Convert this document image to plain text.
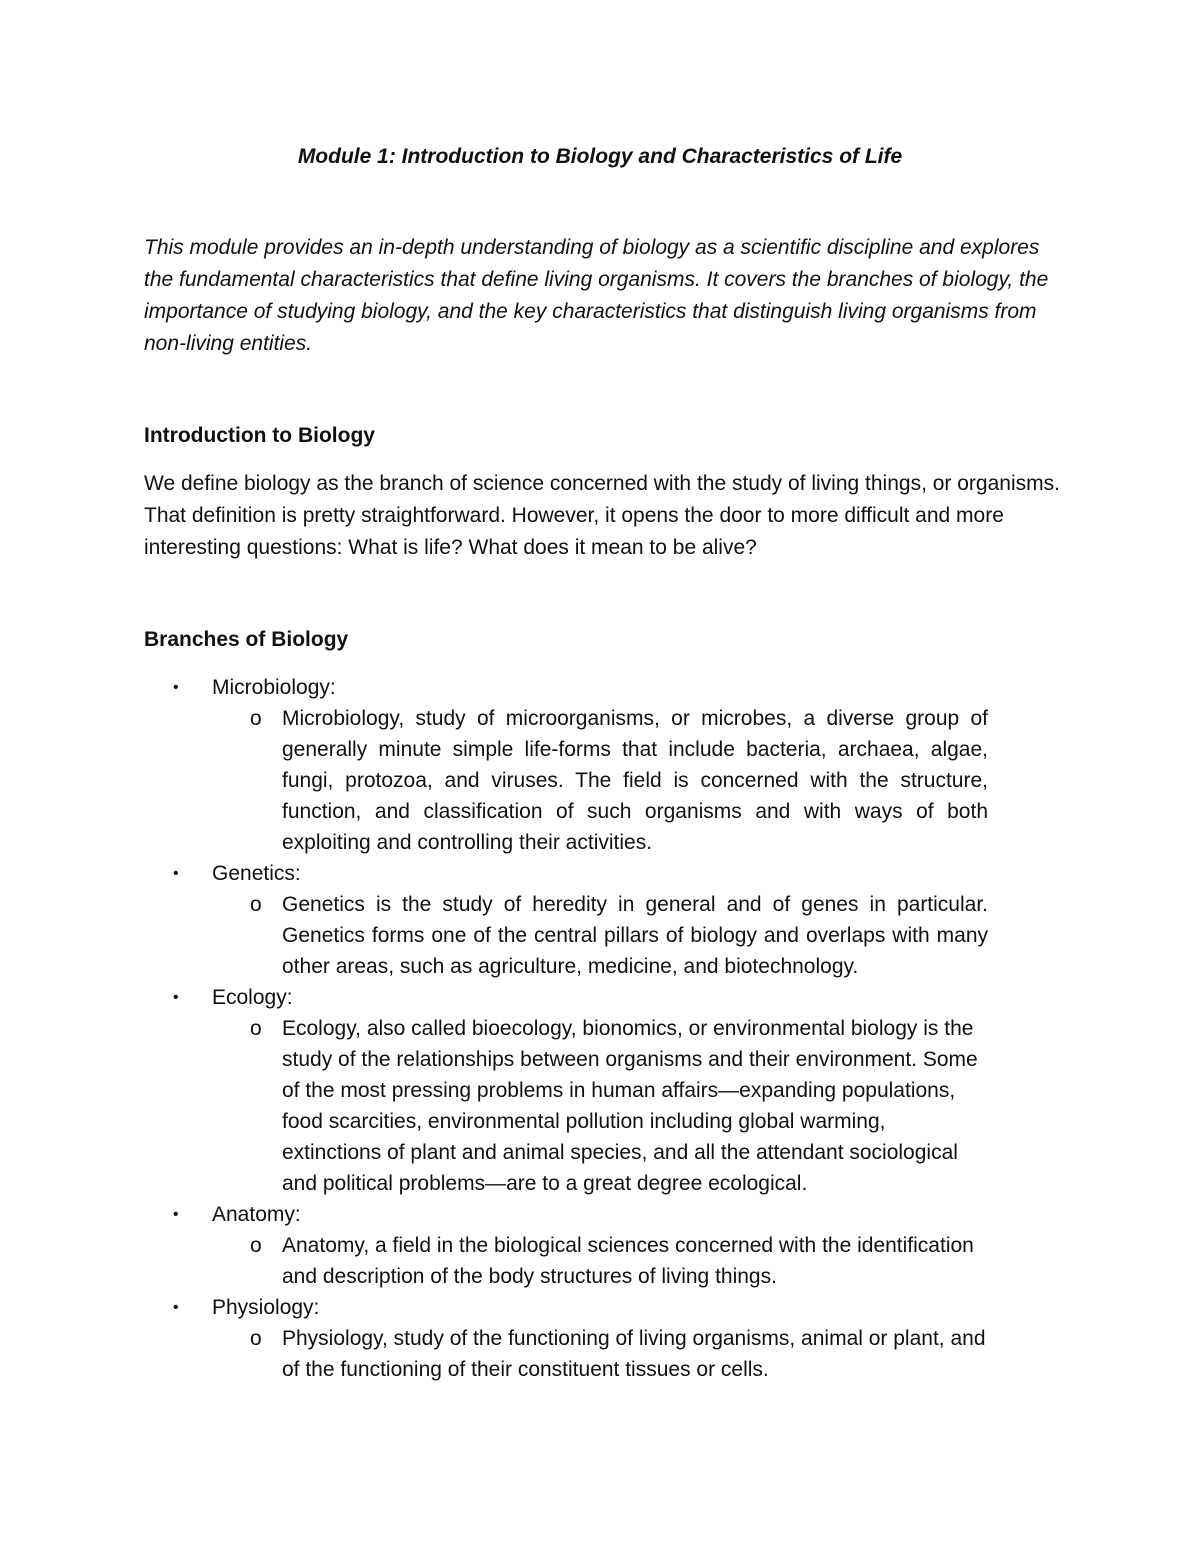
Module 1: Introduction to Biology and Characteristics of Life

This module provides an in-depth understanding of biology as a scientific discipline and explores the fundamental characteristics that define living organisms. It covers the branches of biology, the importance of studying biology, and the key characteristics that distinguish living organisms from non-living entities.

Introduction to Biology

We define biology as the branch of science concerned with the study of living things, or organisms. That definition is pretty straightforward. However, it opens the door to more difficult and more interesting questions: What is life? What does it mean to be alive?

Branches of Biology
• Microbiology:
o Microbiology, study of microorganisms, or microbes, a diverse group of generally minute simple life-forms that include bacteria, archaea, algae, fungi, protozoa, and viruses. The field is concerned with the structure, function, and classification of such organisms and with ways of both exploiting and controlling their activities.
• Genetics:
o Genetics is the study of heredity in general and of genes in particular. Genetics forms one of the central pillars of biology and overlaps with many other areas, such as agriculture, medicine, and biotechnology.
• Ecology:
o Ecology, also called bioecology, bionomics, or environmental biology is the study of the relationships between organisms and their environment. Some of the most pressing problems in human affairs—expanding populations, food scarcities, environmental pollution including global warming, extinctions of plant and animal species, and all the attendant sociological and political problems—are to a great degree ecological.
• Anatomy:
o Anatomy, a field in the biological sciences concerned with the identification and description of the body structures of living things.
• Physiology:
o Physiology, study of the functioning of living organisms, animal or plant, and of the functioning of their constituent tissues or cells.
